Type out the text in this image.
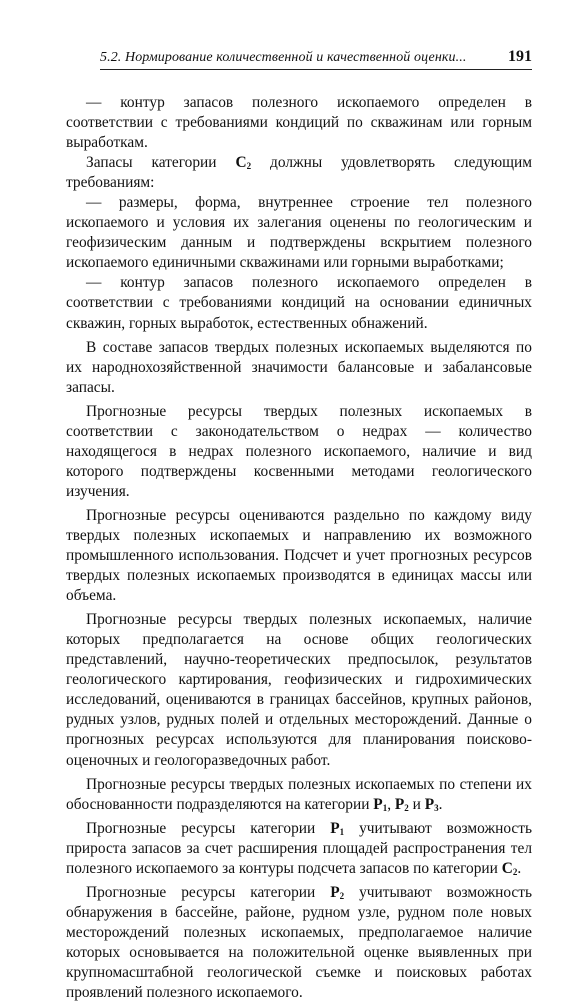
5.2. Нормирование количественной и качественной оценки...	191

— контур запасов полезного ископаемого определен в соответствии с требованиями кондиций по скважинам или горным выработкам.

Запасы категории $C_2$ должны удовлетворять следующим требованиям:

— размеры, форма, внутреннее строение тел полезного ископаемого и условия их залегания оценены по геологическим и геофизическим данным и подтверждены вскрытием полезного ископаемого единичными скважинами или горными выработками;

— контур запасов полезного ископаемого определен в соответствии с требованиями кондиций на основании единичных скважин, горных выработок, естественных обнажений.

В составе запасов твердых полезных ископаемых выделяются по их народнохозяйственной значимости балансовые и забалансовые запасы.

Прогнозные ресурсы твердых полезных ископаемых в соответствии с законодательством о недрах — количество находящегося в недрах полезного ископаемого, наличие и вид которого подтверждены косвенными методами геологического изучения.

Прогнозные ресурсы оцениваются раздельно по каждому виду твердых полезных ископаемых и направлению их возможного промышленного использования. Подсчет и учет прогнозных ресурсов твердых полезных ископаемых производятся в единицах массы или объема.

Прогнозные ресурсы твердых полезных ископаемых, наличие которых предполагается на основе общих геологических представлений, научно-теоретических предпосылок, результатов геологического картирования, геофизических и гидрохимических исследований, оцениваются в границах бассейнов, крупных районов, рудных узлов, рудных полей и отдельных месторождений. Данные о прогнозных ресурсах используются для планирования поисково-оценочных и геологоразведочных работ.

Прогнозные ресурсы твердых полезных ископаемых по степени их обоснованности подразделяются на категории $P_1$, $P_2$ и $P_3$.

Прогнозные ресурсы категории $P_1$ учитывают возможность прироста запасов за счет расширения площадей распространения тел полезного ископаемого за контуры подсчета запасов по категории $C_2$.

Прогнозные ресурсы категории $P_2$ учитывают возможность обнаружения в бассейне, районе, рудном узле, рудном поле новых месторождений полезных ископаемых, предполагаемое наличие которых основывается на положительной оценке выявленных при крупномасштабной геологической съемке и поисковых работах проявлений полезного ископаемого.
